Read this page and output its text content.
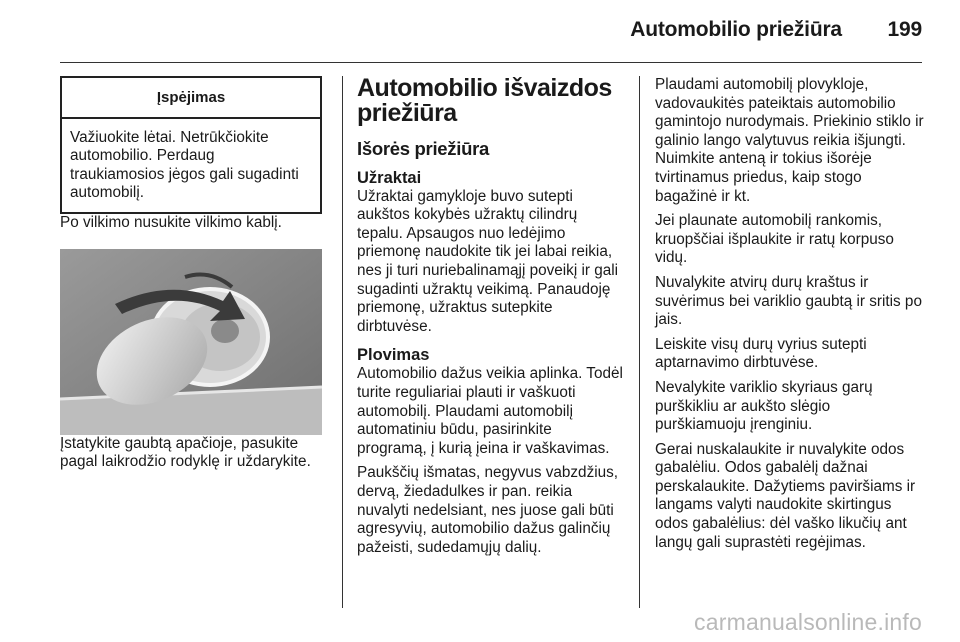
Automobilio priežiūra 199
Įspėjimas
Važiuokite lėtai. Netrūkčiokite automobilio. Perdaug traukiamosios jėgos gali sugadinti automobilį.

Po vilkimo nusukite vilkimo kablį.

Įstatykite gaubtą apačioje, pasukite pagal laikrodžio rodyklę ir uždarykite.

Automobilio išvaizdos priežiūra
Išorės priežiūra
Užraktai

Užraktai gamykloje buvo sutepti aukštos kokybės užraktų cilindrų tepalu. Apsaugos nuo ledėjimo priemonę naudokite tik jei labai reikia, nes ji turi nuriebalinamąjį poveikį ir gali sugadinti užraktų veikimą. Panaudoję priemonę, užraktus sutepkite dirbtuvėse.

Plovimas

Automobilio dažus veikia aplinka. Todėl turite reguliariai plauti ir vaškuoti automobilį. Plaudami automobilį automatiniu būdu, pasirinkite programą, į kurią įeina ir vaškavimas.

Paukščių išmatas, negyvus vabzdžius, dervą, žiedadulkes ir pan. reikia nuvalyti nedelsiant, nes juose gali būti agresyvių, automobilio dažus galinčių pažeisti, sudedamųjų dalių.

Plaudami automobilį plovykloje, vadovaukitės pateiktais automobilio gamintojo nurodymais. Priekinio stiklo ir galinio lango valytuvus reikia išjungti. Nuimkite anteną ir tokius išorėje tvirtinamus priedus, kaip stogo bagažinė ir kt.

Jei plaunate automobilį rankomis, kruopščiai išplaukite ir ratų korpuso vidų.

Nuvalykite atvirų durų kraštus ir suvėrimus bei variklio gaubtą ir sritis po jais.

Leiskite visų durų vyrius sutepti aptarnavimo dirbtuvėse.

Nevalykite variklio skyriaus garų purškikliu ar aukšto slėgio purškiamuoju įrenginiu.

Gerai nuskalaukite ir nuvalykite odos gabalėliu. Odos gabalėlį dažnai perskalaukite. Dažytiems paviršiams ir langams valyti naudokite skirtingus odos gabalėlius: dėl vaško likučių ant langų gali suprastėti regėjimas.

carmanualsonline.info
